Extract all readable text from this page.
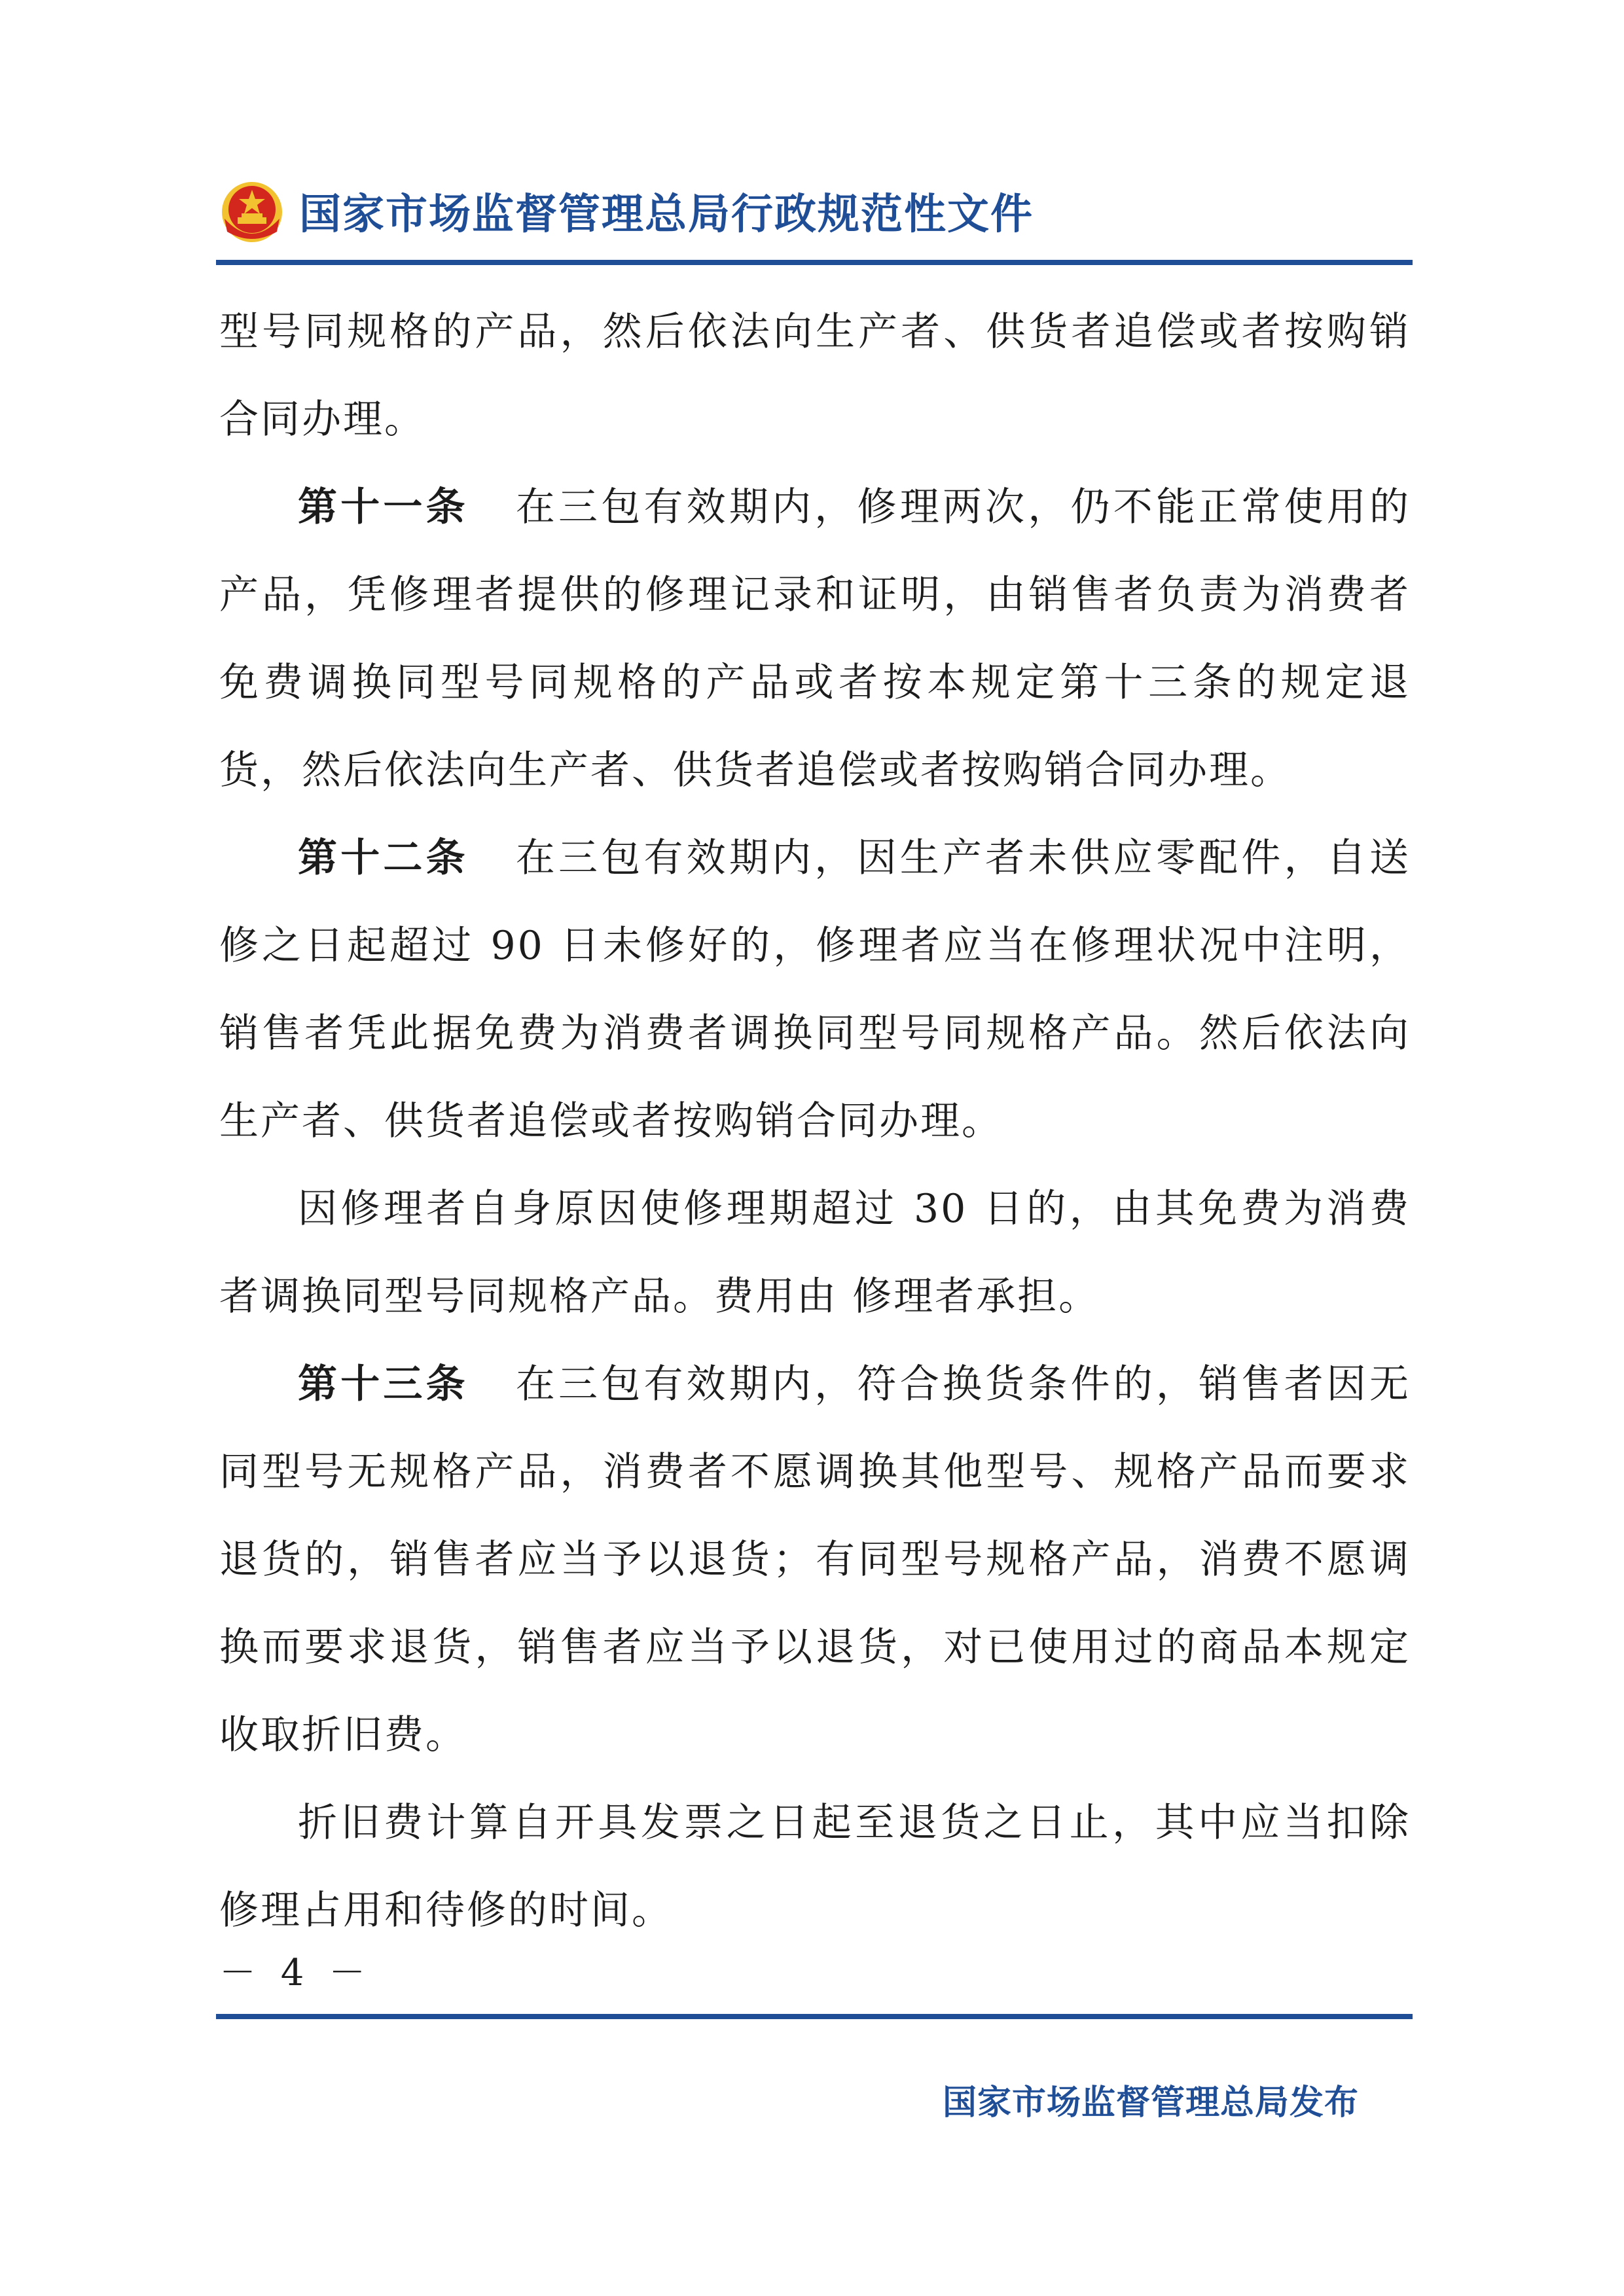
国家市场监督管理总局行政规范性文件

型号同规格的产品，然后依法向生产者、供货者追偿或者按购销合同办理。

第十一条 在三包有效期内，修理两次，仍不能正常使用的产品，凭修理者提供的修理记录和证明，由销售者负责为消费者免费调换同型号同规格的产品或者按本规定第十三条的规定退货，然后依法向生产者、供货者追偿或者按购销合同办理。

第十二条 在三包有效期内，因生产者未供应零配件，自送修之日起超过 90 日未修好的，修理者应当在修理状况中注明，销售者凭此据免费为消费者调换同型号同规格产品。然后依法向生产者、供货者追偿或者按购销合同办理。

因修理者自身原因使修理期超过 30 日的，由其免费为消费者调换同型号同规格产品。费用由 修理者承担。

第十三条 在三包有效期内，符合换货条件的，销售者因无同型号无规格产品，消费者不愿调换其他型号、规格产品而要求退货的，销售者应当予以退货；有同型号规格产品，消费不愿调换而要求退货，销售者应当予以退货，对已使用过的商品本规定收取折旧费。

折旧费计算自开具发票之日起至退货之日止，其中应当扣除修理占用和待修的时间。

－ 4 －
国家市场监督管理总局发布
